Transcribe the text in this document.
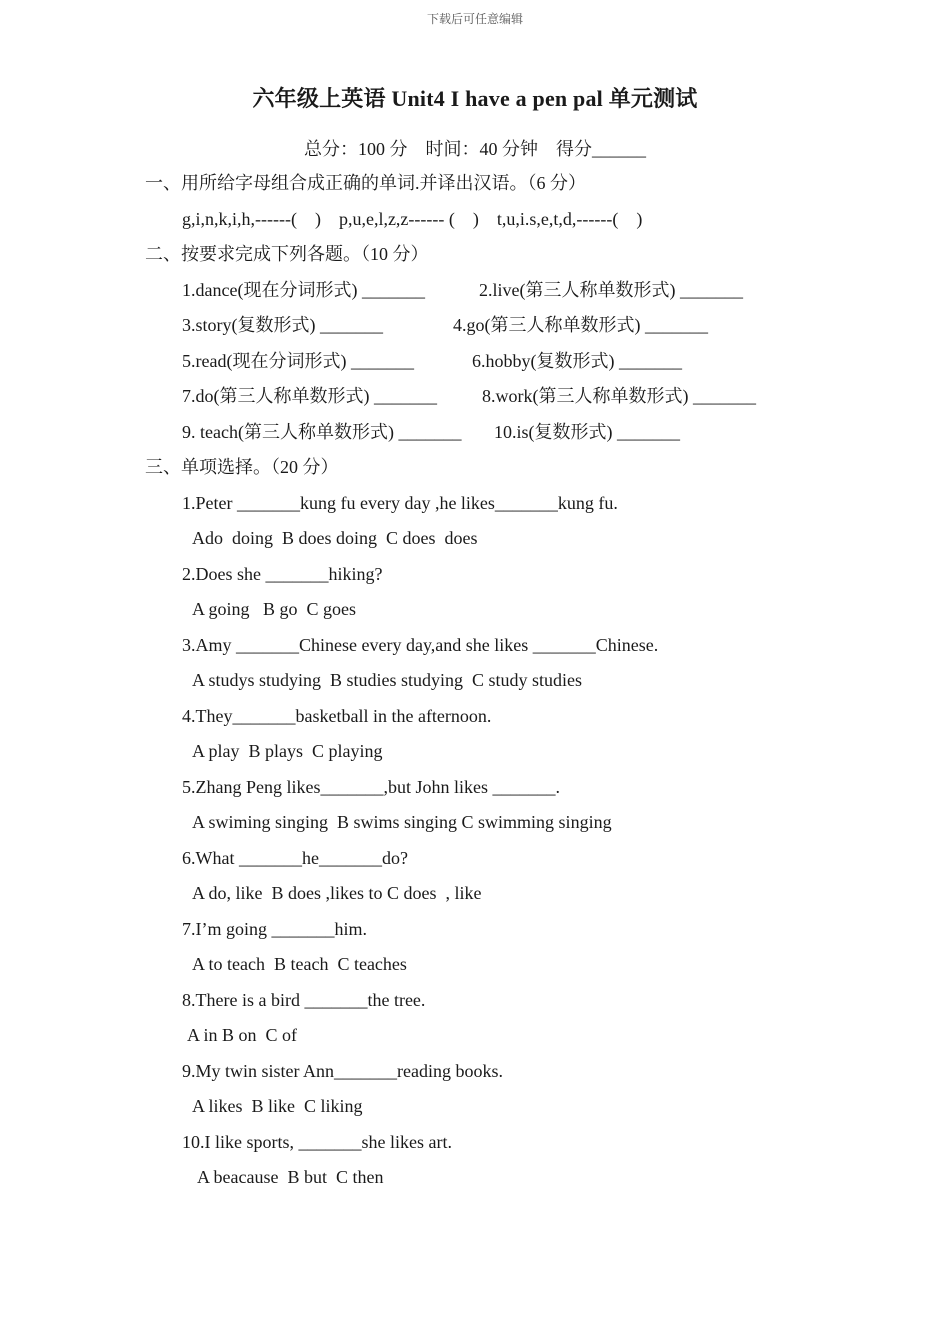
下载后可任意编辑
六年级上英语 Unit4 I have a pen pal 单元测试
总分：100 分　时间：40 分钟　得分______
一、用所给字母组合成正确的单词.并译出汉语。（6 分）
g,i,n,k,i,h,------(　)　p,u,e,l,z,z------ (　)　t,u,i.s,e,t,d,------(　)
二、按要求完成下列各题。（10 分）
1.dance(现在分词形式) _______	2.live(第三人称单数形式) _______
3.story(复数形式) _______	4.go(第三人称单数形式) _______
5.read(现在分词形式) _______	6.hobby(复数形式) _______
7.do(第三人称单数形式) _______	8.work(第三人称单数形式) _______
9. teach(第三人称单数形式) _______ 10.is(复数形式) _______
三、单项选择。（20 分）
1.Peter _______kung fu every day ,he likes_______kung fu.
Ado  doing  B does doing  C does  does
2.Does she _______hiking?
A going   B go  C goes
3.Amy _______Chinese every day,and she likes _______Chinese.
A studys studying  B studies studying  C study studies
4.They_______basketball in the afternoon.
A play  B plays  C playing
5.Zhang Peng likes_______,but John likes _______.
A swiming singing  B swims singing C swimming singing
6.What _______he_______do?
A do, like  B does ,likes to C does  , like
7.I’m going _______him.
A to teach  B teach  C teaches
8.There is a bird _______the tree.
A in B on  C of
9.My twin sister Ann_______reading books.
A likes  B like  C liking
10.I like sports, _______she likes art.
A beacause  B but  C then
